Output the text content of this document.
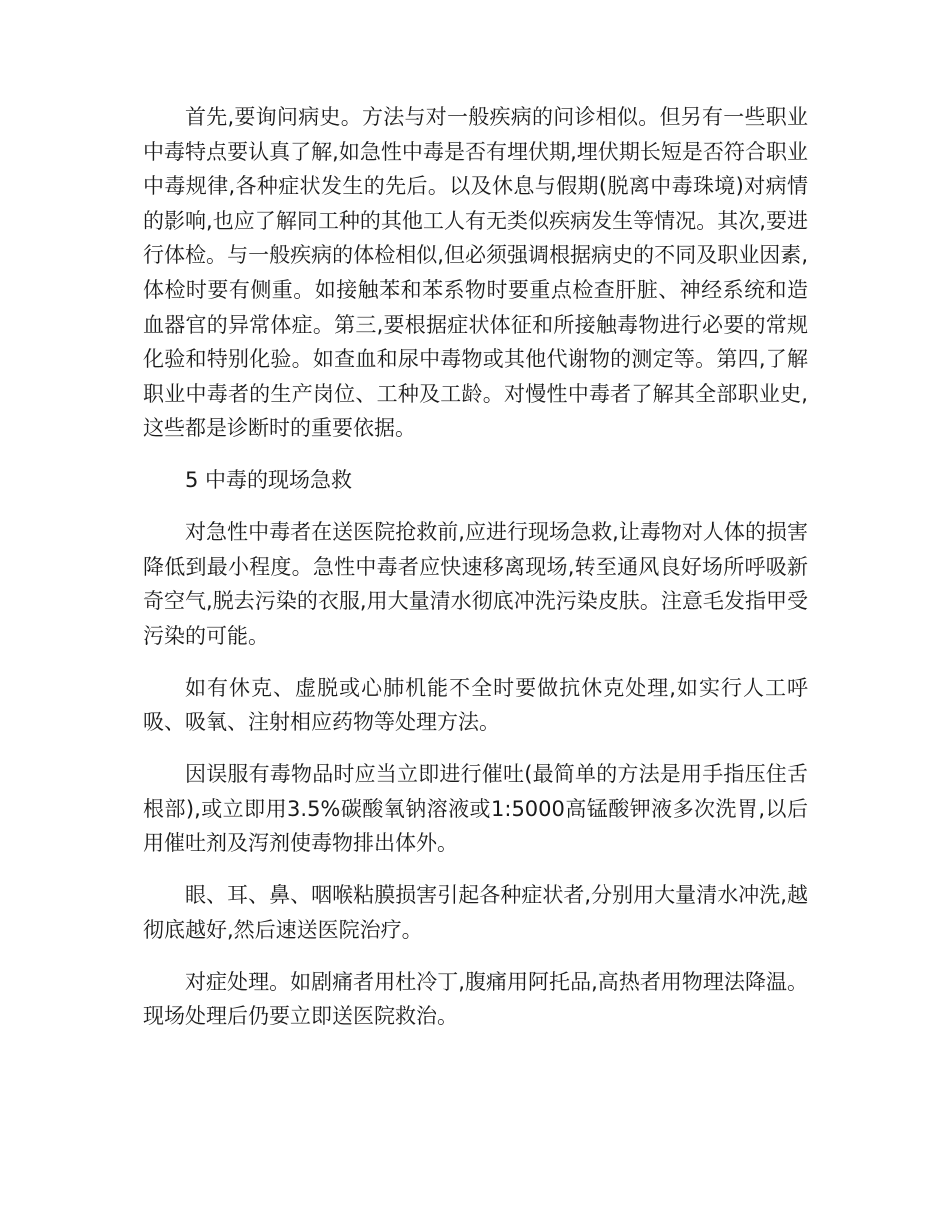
首先,要询问病史。方法与对一般疾病的问诊相似。但另有一些职业中毒特点要认真了解,如急性中毒是否有埋伏期,埋伏期长短是否符合职业中毒规律,各种症状发生的先后。以及休息与假期(脱离中毒珠境)对病情的影响,也应了解同工种的其他工人有无类似疾病发生等情况。其次,要进行体检。与一般疾病的体检相似,但必须强调根据病史的不同及职业因素,体检时要有侧重。如接触苯和苯系物时要重点检查肝脏、神经系统和造血器官的异常体症。第三,要根据症状体征和所接触毒物进行必要的常规化验和特别化验。如查血和尿中毒物或其他代谢物的测定等。第四,了解职业中毒者的生产岗位、工种及工龄。对慢性中毒者了解其全部职业史,这些都是诊断时的重要依据。

5 中毒的现场急救

对急性中毒者在送医院抢救前,应进行现场急救,让毒物对人体的损害降低到最小程度。急性中毒者应快速移离现场,转至通风良好场所呼吸新奇空气,脱去污染的衣服,用大量清水彻底冲洗污染皮肤。注意毛发指甲受污染的可能。

如有休克、虚脱或心肺机能不全时要做抗休克处理,如实行人工呼吸、吸氧、注射相应药物等处理方法。

因误服有毒物品时应当立即进行催吐(最简单的方法是用手指压住舌根部),或立即用3.5%碳酸氧钠溶液或1:5000高锰酸钾液多次洗胃,以后用催吐剂及泻剂使毒物排出体外。

眼、耳、鼻、咽喉粘膜损害引起各种症状者,分别用大量清水冲洗,越彻底越好,然后速送医院治疗。

对症处理。如剧痛者用杜冷丁,腹痛用阿托品,高热者用物理法降温。现场处理后仍要立即送医院救治。
